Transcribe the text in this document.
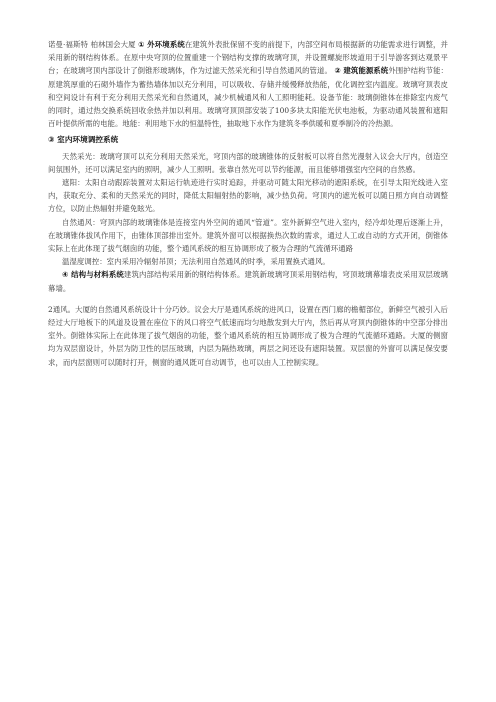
诺曼·福斯特 柏林国会大厦 ① 外环境系统在建筑外表批保留不变的前提下，内部空间布局根据新的功能需求进行调整，并采用新的钢结构体系。在原中央穹顶的位置重建一个钢结构支撑的玻璃穹顶，并设置螺旋形坡道用于引导游客到达观景平台；在玻璃穹顶内部设计了倒锥形玻璃体，作为过滤天然采光和引导自然通风的管道。 ② 建筑能源系统外围护结构节能：原建筑厚重的石砌外墙作为蓄热墙体加以充分利用，可以吸收、存储并缓慢释放热能，优化调控室内温度。玻璃穹顶表皮和空间设计有利于充分利用天然采光和自然通风，减少机械通风和人工照明能耗。设备节能：玻璃倒锥体在排除室内废气的同时，通过热交换系统回收余热并加以利用。玻璃穹顶顶部安装了100多块太阳能光伏电池板，为驱动通风装置和遮阳百叶提供所需的电能。地能：利用地下水的恒温特性，抽取地下水作为建筑冬季供暖和夏季制冷的冷热源。

③ 室内环境调控系统

天然采光：玻璃穹顶可以充分利用天然采光，穹顶内部的玻璃锥体的反射板可以将自然光漫射入议会大厅内，创造空间氛围外，还可以满足室内的照明，减少人工照明。张靠自然光可以节约能源，而且能够增强室内空间的自然感。

遮阳：太阳自动跟踪装置对太阳运行轨迹进行实时追踪，并驱动可随太阳光移动的遮阳系统，在引导太阳光线进入室内，获取充分、柔和的天然采光的同时，降低太阳辐射热的影响，减少热负荷。穹顶内的遮光板可以随日照方向自动调整方位，以防止热辐射并避免眩光。

自然通风：穹顶内部的玻璃锥体是连接室内外空间的通风“管道”。室外新鲜空气进入室内，经冷却处理后逐渐上升，在玻璃锥体拔风作用下，由锥体顶部排出室外。建筑外窗可以根据换热次数的需求，通过人工或自动的方式开闭，倒锥体实际上在此体现了拔气烟囱的功能，整个通风系统的相互协调形成了极为合理的气流循环通路

温湿度调控：室内采用冷辐射吊顶；无法利用自然通风的时季，采用置换式通风。

④ 结构与材料系统建筑内部结构采用新的钢结构体系。建筑新玻璃穹顶采用钢结构，穹顶玻璃幕墙表皮采用双层玻璃幕墙。

2通风。大厦的自然通风系统设计十分巧妙。议会大厅是通风系统的进风口，设置在西门廊的檐楣部位，新鲜空气被引入后经过大厅地板下的风道及设置在座位下的风口将空气低速而均匀地散发到大厅内，然后再从穹顶内倒锥体的中空部分排出室外。倒锥体实际上在此体现了拔气烟囱的功能，整个通风系统的相互协调形成了极为合理的气流循环通路。大厦的侧窗均为双层窗设计，外层为防卫性的层压玻璃，内层为隔热玻璃，两层之间还设有遮阳装置。双层窗的外窗可以满足保安要求，而内层窗则可以随时打开，侧窗的通风既可自动调节，也可以由人工控制实现。
